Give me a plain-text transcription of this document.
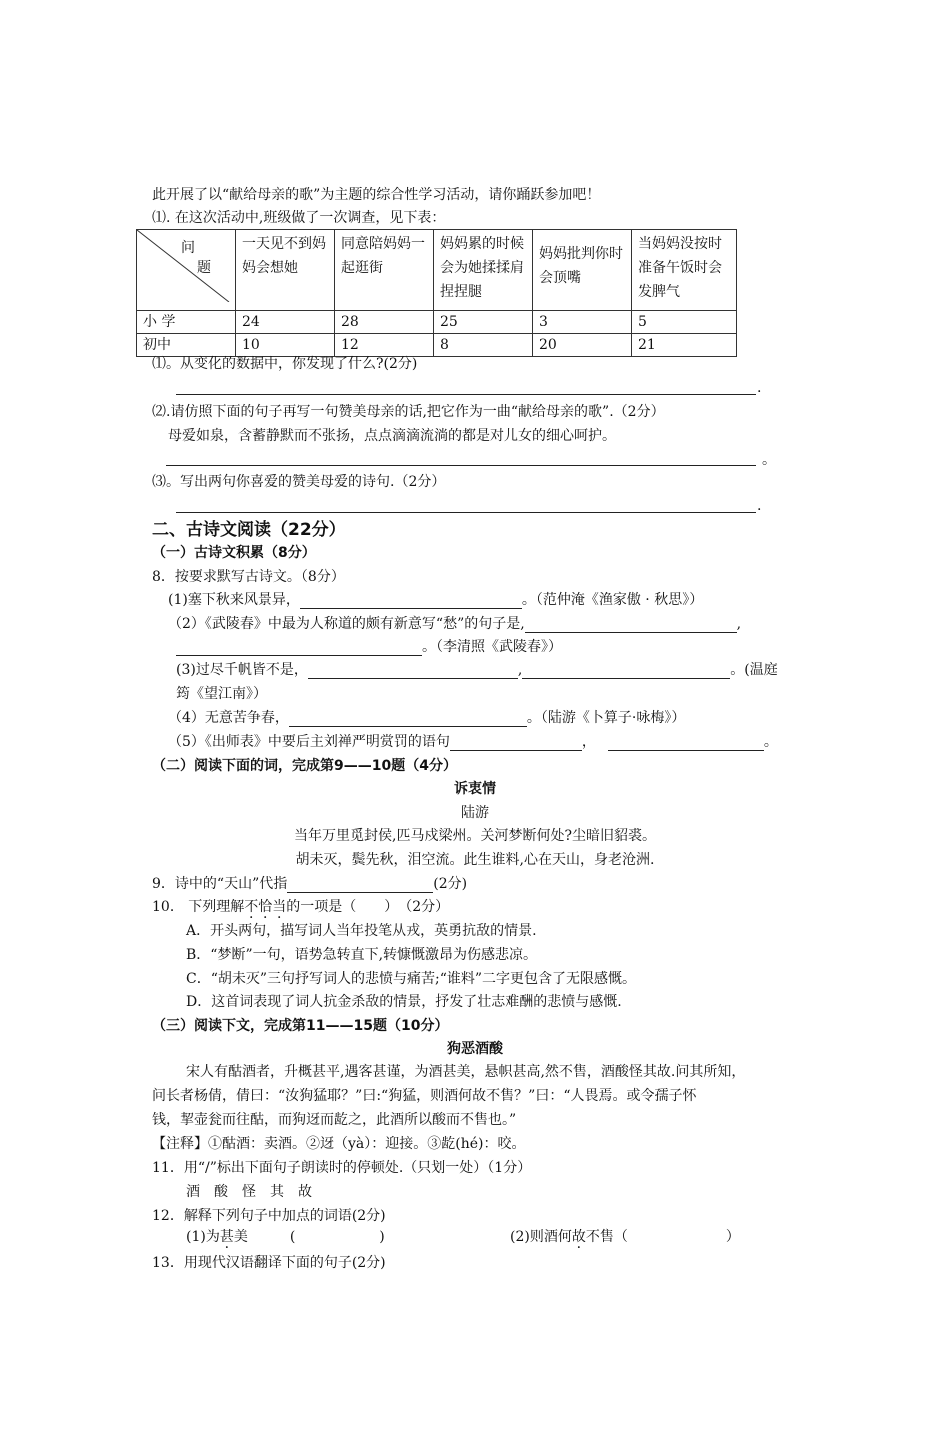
此开展了以“献给母亲的歌”为主题的综合性学习活动，请你踊跃参加吧！
⑴. 在这次活动中,班级做了一次调查，见下表：
问
题	一天见不到妈妈会想她	同意陪妈妈一起逛街	妈妈累的时候会为她揉揉肩捏捏腿	妈妈批判你时会顶嘴	当妈妈没按时准备午饭时会发脾气
小 学	24	28	25	3	5
初中	10	12	8	20	21
⑴。从变化的数据中，你发现了什么?(2分)
.
⑵.请仿照下面的句子再写一句赞美母亲的话,把它作为一曲“献给母亲的歌”.（2分）
母爱如泉，含蓄静默而不张扬，点点滴滴流淌的都是对儿女的细心呵护。
。
⑶。写出两句你喜爱的赞美母爱的诗句.（2分）
.
二、古诗文阅读（22分）
（一）古诗文积累（8分）
8．按要求默写古诗文。（8分）
(1)塞下秋来风景异，	。（范仲淹《渔家傲 · 秋思》）
（2）《武陵春》中最为人称道的颇有新意写“愁”的句子是,	,
。（李清照《武陵春》）
(3)过尽千帆皆不是，	,	。(温庭
筠《望江南》）
（4）无意苦争春，	。（陆游《卜算子·咏梅》）
（5）《出师表》中要后主刘禅严明赏罚的语句	，	。
（二）阅读下面的词，完成第9——10题（4分）
诉衷情
陆游
当年万里觅封侯,匹马戍梁州。关河梦断何处?尘暗旧貂裘。
胡未灭，鬓先秋，泪空流。此生谁料,心在天山，身老沧洲.
9．诗中的“天山”代指	(2分)
10． 下列理解不恰当的一项是（　　）　（2分）
A．开头两句，描写词人当年投笔从戎，英勇抗敌的情景.
B．“梦断”一句，语势急转直下,转慷慨激昂为伤感悲凉。
C．“胡未灭”三句抒写词人的悲愤与痛苦;“谁料”二字更包含了无限感慨。
D．这首词表现了词人抗金杀敌的情景，抒发了壮志难酬的悲愤与感慨.
（三）阅读下文，完成第11——15题（10分）
狗恶酒酸
宋人有酤酒者，升概甚平,遇客甚谨，为酒甚美，悬帜甚高,然不售，酒酸怪其故.问其所知，
问长者杨倩，倩曰：“汝狗猛耶？”曰:“狗猛，则酒何故不售？”曰：“人畏焉。或令孺子怀
钱，挈壶瓮而往酤，而狗迓而龁之，此酒所以酸而不售也。”
【注释】①酤酒：卖酒。②迓（yà）：迎接。③龁(hé)：咬。
11．用“/”标出下面句子朗读时的停顿处.（只划一处）（1分）
酒　酸　怪　其　故
12．解释下列句子中加点的词语(2分)
(1)为甚美　　　(　　　　　　)	(2)则酒何故不售（　　　　　　　）
13．用现代汉语翻译下面的句子(2分)
